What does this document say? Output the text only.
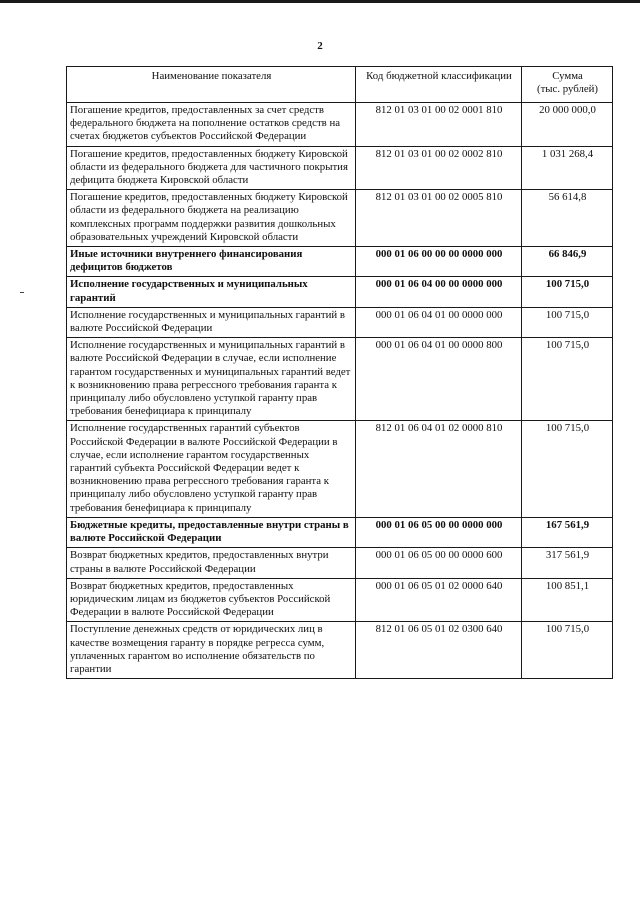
2
Наименование показателя	Код бюджетной классификации	Сумма
(тыс. рублей)
Погашение кредитов, предоставленных за счет средств федерального бюджета на пополнение остатков средств на счетах бюджетов субъектов Российской Федерации	812 01 03 01 00 02 0001 810	20 000 000,0
Погашение кредитов, предоставленных бюджету Кировской области из федерального бюджета для частичного покрытия дефицита бюджета Кировской области	812 01 03 01 00 02 0002 810	1 031 268,4
Погашение кредитов, предоставленных бюджету Кировской области из федерального бюджета на реализацию комплексных программ поддержки развития дошкольных образовательных учреждений Кировской области	812 01 03 01 00 02 0005 810	56 614,8
Иные источники внутреннего финансирования дефицитов бюджетов	000 01 06 00 00 00 0000 000	66 846,9
Исполнение государственных и муниципальных гарантий	000 01 06 04 00 00 0000 000	100 715,0
Исполнение государственных и муниципальных гарантий в валюте Российской Федерации	000 01 06 04 01 00 0000 000	100 715,0
Исполнение государственных и муниципальных гарантий в валюте Российской Федерации в случае, если исполнение гарантом государственных и муниципальных гарантий ведет к возникновению права регрессного требования гаранта к принципалу либо обусловлено уступкой гаранту прав требования бенефициара к принципалу	000 01 06 04 01 00 0000 800	100 715,0
Исполнение государственных гарантий субъектов Российской Федерации в валюте Российской Федерации в случае, если исполнение гарантом государственных гарантий субъекта Российской Федерации ведет к возникновению права регрессного требования гаранта к принципалу либо обусловлено уступкой гаранту прав требования бенефициара к принципалу	812 01 06 04 01 02 0000 810	100 715,0
Бюджетные кредиты, предоставленные внутри страны в валюте Российской Федерации	000 01 06 05 00 00 0000 000	167 561,9
Возврат бюджетных кредитов, предоставленных внутри страны в валюте Российской Федерации	000 01 06 05 00 00 0000 600	317 561,9
Возврат бюджетных кредитов, предоставленных юридическим лицам из бюджетов субъектов Российской Федерации в валюте Российской Федерации	000 01 06 05 01 02 0000 640	100 851,1
Поступление денежных средств от юридических лиц в качестве возмещения гаранту в порядке регресса сумм, уплаченных гарантом во исполнение обязательств по гарантии	812 01 06 05 01 02 0300 640	100 715,0
